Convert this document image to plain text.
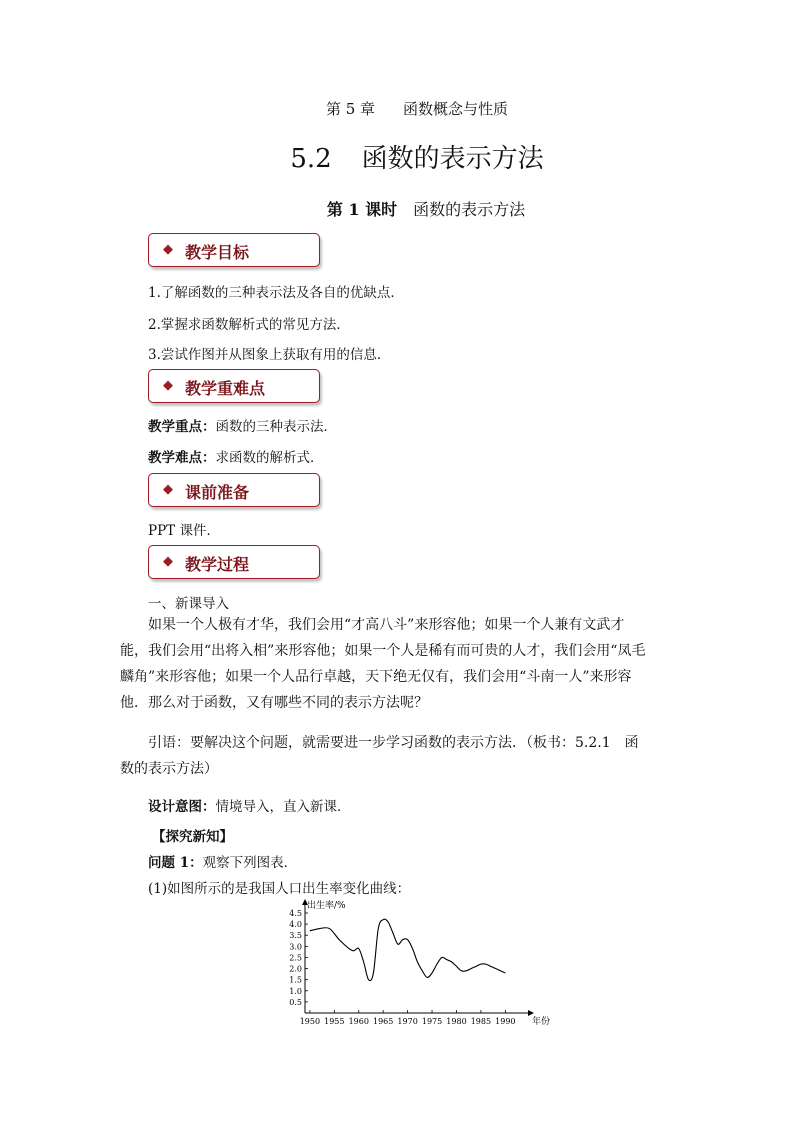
第 5 章 函数概念与性质
5.2 函数的表示方法
第 1 课时 函数的表示方法
◆ 教学目标
1.了解函数的三种表示法及各自的优缺点．
2.掌握求函数解析式的常见方法．
3.尝试作图并从图象上获取有用的信息．
◆ 教学重难点
教学重点：函数的三种表示法．
教学难点：求函数的解析式．
◆ 课前准备
PPT 课件．
◆ 教学过程
一、新课导入
如果一个人极有才华，我们会用“才高八斗”来形容他；如果一个人兼有文武才能，我们会用“出将入相”来形容他；如果一个人是稀有而可贵的人才，我们会用“凤毛麟角”来形容他；如果一个人品行卓越，天下绝无仅有，我们会用“斗南一人”来形容他．那么对于函数，又有哪些不同的表示方法呢？
引语：要解决这个问题，就需要进一步学习函数的表示方法．（板书：5.2.1　函数的表示方法）
设计意图：情境导入，直入新课．
【探究新知】
问题 1：观察下列图表．
(1)如图所示的是我国人口出生率变化曲线：
0.5
1.0
1.5
2.0
2.5
3.0
3.5
4.0
4.5
1950 1955 1960 1965 1970 1975 1980 1985 1990
出生率/%
年份
